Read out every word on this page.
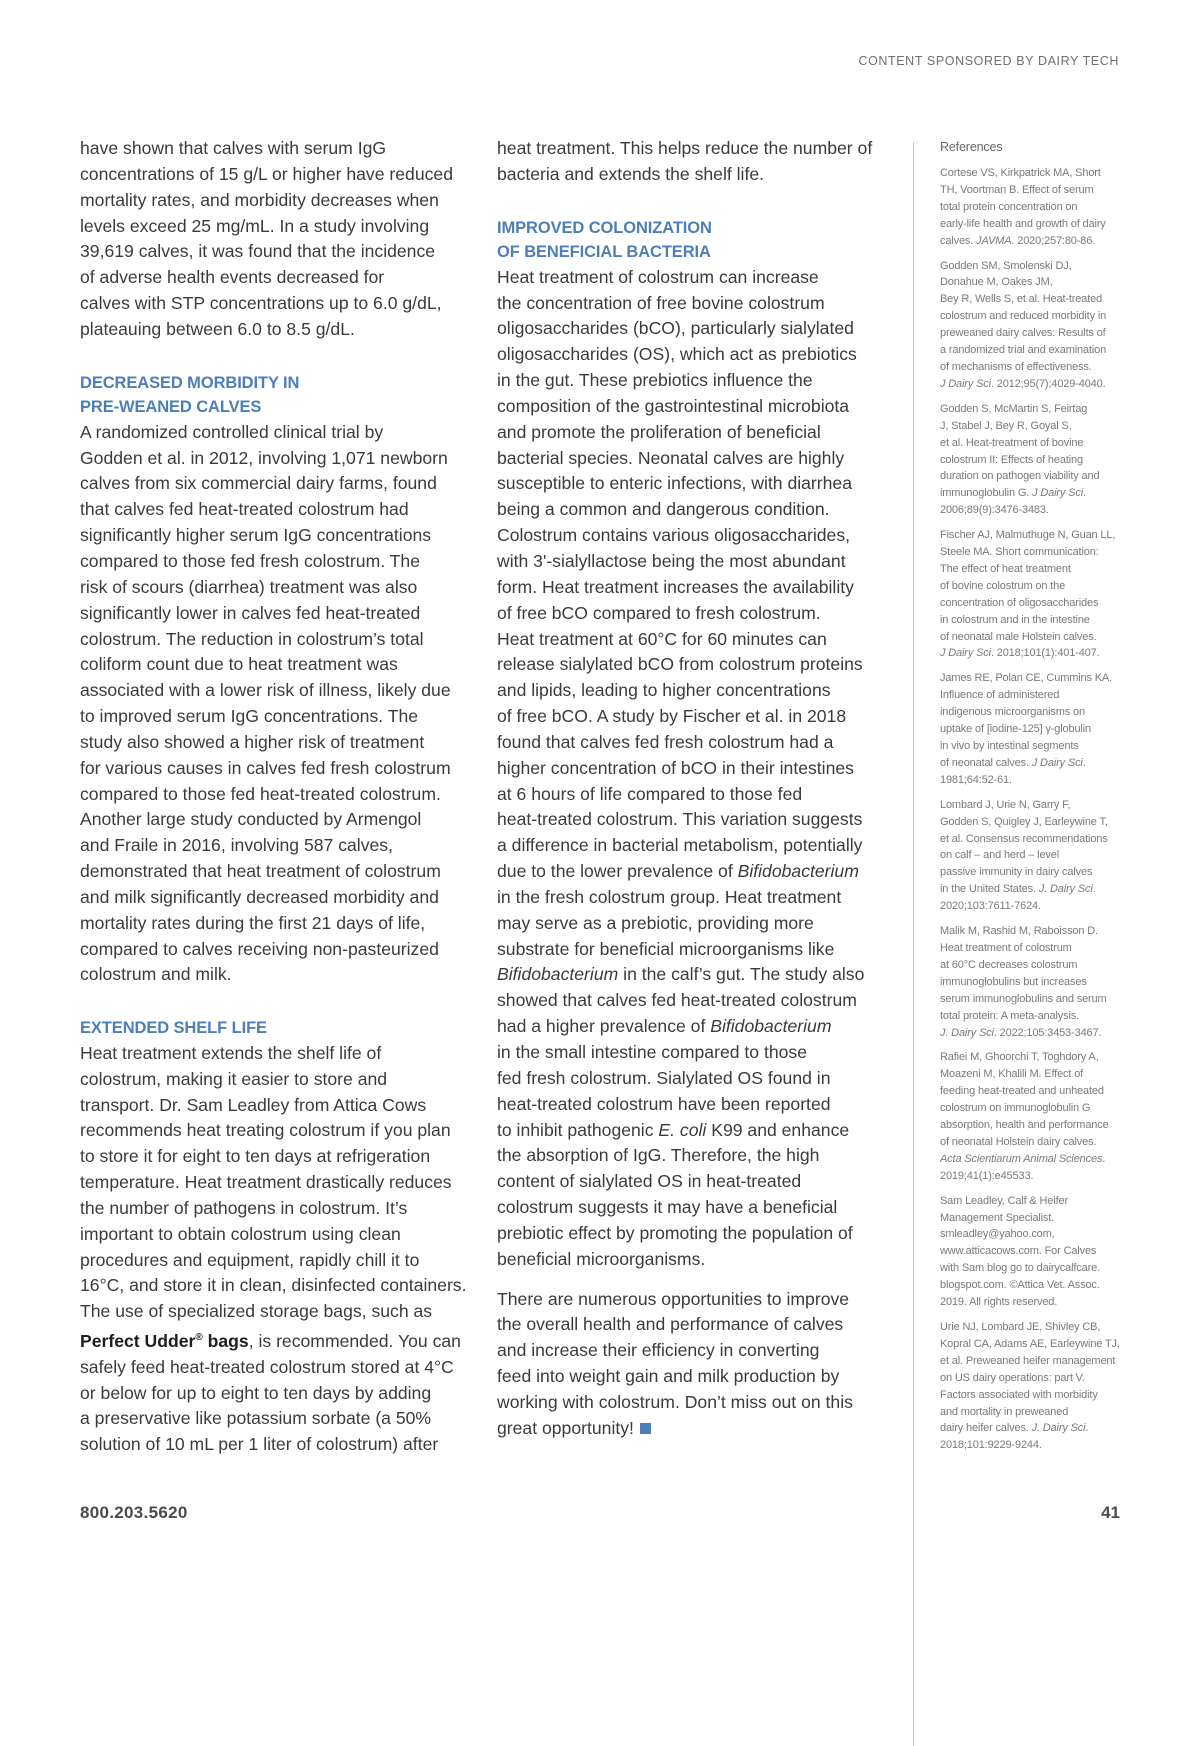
CONTENT SPONSORED BY DAIRY TECH

have shown that calves with serum IgG
concentrations of 15 g/L or higher have reduced
mortality rates, and morbidity decreases when
levels exceed 25 mg/mL. In a study involving
39,619 calves, it was found that the incidence
of adverse health events decreased for
calves with STP concentrations up to 6.0 g/dL,
plateauing between 6.0 to 8.5 g/dL.

DECREASED MORBIDITY IN
PRE-WEANED CALVES

A randomized controlled clinical trial by
Godden et al. in 2012, involving 1,071 newborn
calves from six commercial dairy farms, found
that calves fed heat-treated colostrum had
significantly higher serum IgG concentrations
compared to those fed fresh colostrum. The
risk of scours (diarrhea) treatment was also
significantly lower in calves fed heat-treated
colostrum. The reduction in colostrum’s total
coliform count due to heat treatment was
associated with a lower risk of illness, likely due
to improved serum IgG concentrations. The
study also showed a higher risk of treatment
for various causes in calves fed fresh colostrum
compared to those fed heat-treated colostrum.
Another large study conducted by Armengol
and Fraile in 2016, involving 587 calves,
demonstrated that heat treatment of colostrum
and milk significantly decreased morbidity and
mortality rates during the first 21 days of life,
compared to calves receiving non-pasteurized
colostrum and milk.

EXTENDED SHELF LIFE

Heat treatment extends the shelf life of
colostrum, making it easier to store and
transport. Dr. Sam Leadley from Attica Cows
recommends heat treating colostrum if you plan
to store it for eight to ten days at refrigeration
temperature. Heat treatment drastically reduces
the number of pathogens in colostrum. It’s
important to obtain colostrum using clean
procedures and equipment, rapidly chill it to
16°C, and store it in clean, disinfected containers.
The use of specialized storage bags, such as
Perfect Udder® bags, is recommended. You can
safely feed heat-treated colostrum stored at 4°C
or below for up to eight to ten days by adding
a preservative like potassium sorbate (a 50%
solution of 10 mL per 1 liter of colostrum) after

heat treatment. This helps reduce the number of
bacteria and extends the shelf life.

IMPROVED COLONIZATION
OF BENEFICIAL BACTERIA

Heat treatment of colostrum can increase
the concentration of free bovine colostrum
oligosaccharides (bCO), particularly sialylated
oligosaccharides (OS), which act as prebiotics
in the gut. These prebiotics influence the
composition of the gastrointestinal microbiota
and promote the proliferation of beneficial
bacterial species. Neonatal calves are highly
susceptible to enteric infections, with diarrhea
being a common and dangerous condition.
Colostrum contains various oligosaccharides,
with 3'-sialyllactose being the most abundant
form. Heat treatment increases the availability
of free bCO compared to fresh colostrum.
Heat treatment at 60°C for 60 minutes can
release sialylated bCO from colostrum proteins
and lipids, leading to higher concentrations
of free bCO. A study by Fischer et al. in 2018
found that calves fed fresh colostrum had a
higher concentration of bCO in their intestines
at 6 hours of life compared to those fed
heat-treated colostrum. This variation suggests
a difference in bacterial metabolism, potentially
due to the lower prevalence of Bifidobacterium
in the fresh colostrum group. Heat treatment
may serve as a prebiotic, providing more
substrate for beneficial microorganisms like
Bifidobacterium in the calf’s gut. The study also
showed that calves fed heat-treated colostrum
had a higher prevalence of Bifidobacterium
in the small intestine compared to those
fed fresh colostrum. Sialylated OS found in
heat-treated colostrum have been reported
to inhibit pathogenic E. coli K99 and enhance
the absorption of IgG. Therefore, the high
content of sialylated OS in heat-treated
colostrum suggests it may have a beneficial
prebiotic effect by promoting the population of
beneficial microorganisms.

There are numerous opportunities to improve
the overall health and performance of calves
and increase their efficiency in converting
feed into weight gain and milk production by
working with colostrum. Don’t miss out on this
great opportunity!

References
Cortese VS, Kirkpatrick MA, Short
TH, Voortman B. Effect of serum
total protein concentration on
early-life health and growth of dairy
calves. JAVMA. 2020;257:80-86.
Godden SM, Smolenski DJ,
Donahue M, Oakes JM,
Bey R, Wells S, et al. Heat-treated
colostrum and reduced morbidity in
preweaned dairy calves: Results of
a randomized trial and examination
of mechanisms of effectiveness.
J Dairy Sci. 2012;95(7);4029-4040.
Godden S, McMartin S, Feirtag
J, Stabel J, Bey R, Goyal S,
et al. Heat-treatment of bovine
colostrum II: Effects of heating
duration on pathogen viability and
immunoglobulin G. J Dairy Sci.
2006;89(9):3476-3483.
Fischer AJ, Malmuthuge N, Guan LL,
Steele MA. Short communication:
The effect of heat treatment
of bovine colostrum on the
concentration of oligosaccharides
in colostrum and in the intestine
of neonatal male Holstein calves.
J Dairy Sci. 2018;101(1):401-407.
James RE, Polan CE, Cummins KA.
Influence of administered
indigenous microorganisms on
uptake of [iodine-125] γ-globulin
in vivo by intestinal segments
of neonatal calves. J Dairy Sci.
1981;64:52-61.
Lombard J, Urie N, Garry F,
Godden S, Quigley J, Earleywine T,
et al. Consensus recommendations
on calf – and herd – level
passive immunity in dairy calves
in the United States. J. Dairy Sci.
2020;103:7611-7624.
Malik M, Rashid M, Raboisson D.
Heat treatment of colostrum
at 60°C decreases colostrum
immunoglobulins but increases
serum immunoglobulins and serum
total protein: A meta-analysis.
J. Dairy Sci. 2022;105:3453-3467.
Rafiei M, Ghoorchi T, Toghdory A,
Moazeni M, Khalili M. Effect of
feeding heat-treated and unheated
colostrum on immunoglobulin G
absorption, health and performance
of neonatal Holstein dairy calves.
Acta Scientiarum Animal Sciences.
2019;41(1):e45533.
Sam Leadley, Calf & Heifer
Management Specialist.
smleadley@yahoo.com,
www.atticacows.com. For Calves
with Sam blog go to dairycalfcare.
blogspot.com. ©Attica Vet. Assoc.
2019. All rights reserved.
Urie NJ, Lombard JE, Shivley CB,
Kopral CA, Adams AE, Earleywine TJ,
et al. Preweaned heifer management
on US dairy operations: part V.
Factors associated with morbidity
and mortality in preweaned
dairy heifer calves. J. Dairy Sci.
2018;101:9229-9244.
800.203.5620	41
